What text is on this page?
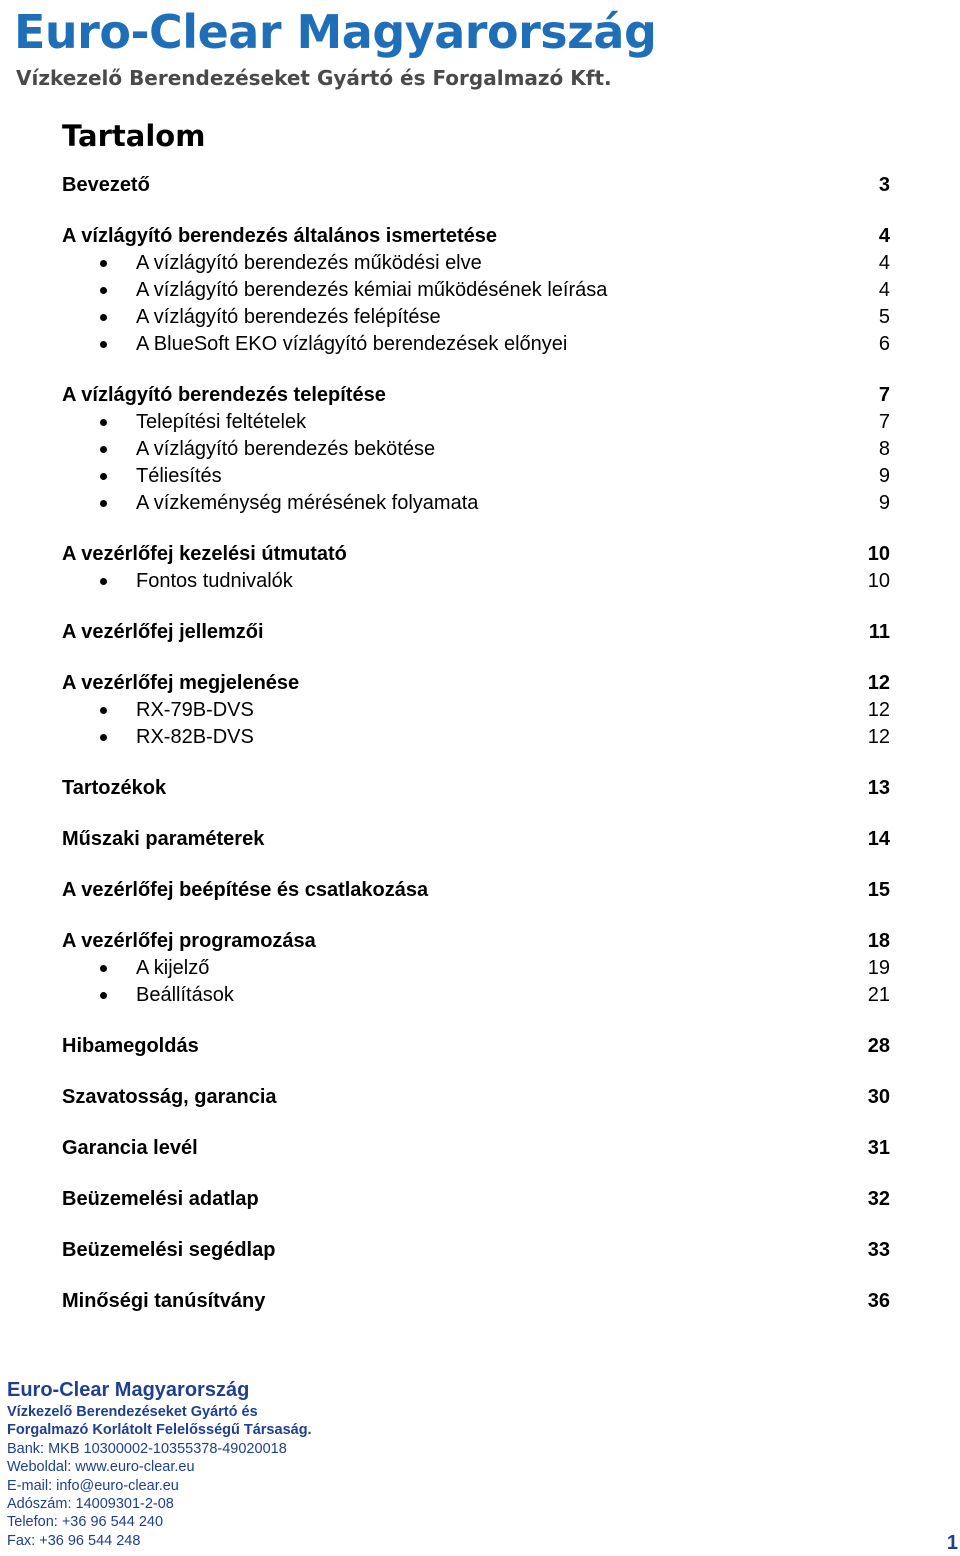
Euro-Clear Magyarország
Vízkezelő Berendezéseket Gyártó és Forgalmazó Kft.
Tartalom
Bevezető	3
A vízlágyító berendezés általános ismertetése	4
A vízlágyító berendezés működési elve	4
A vízlágyító berendezés kémiai működésének leírása	4
A vízlágyító berendezés felépítése	5
A BlueSoft EKO vízlágyító berendezések előnyei	6
A vízlágyító berendezés telepítése	7
Telepítési feltételek	7
A vízlágyító berendezés bekötése	8
Téliesítés	9
A vízkeménység mérésének folyamata	9
A vezérlőfej kezelési útmutató	10
Fontos tudnivalók	10
A vezérlőfej jellemzői	11
A vezérlőfej megjelenése	12
RX-79B-DVS	12
RX-82B-DVS	12
Tartozékok	13
Műszaki paraméterek	14
A vezérlőfej beépítése és csatlakozása	15
A vezérlőfej programozása	18
A kijelző	19
Beállítások	21
Hibamegoldás	28
Szavatosság, garancia	30
Garancia levél	31
Beüzemelési adatlap	32
Beüzemelési segédlap	33
Minőségi tanúsítvány	36
Euro-Clear Magyarország
Vízkezelő Berendezéseket Gyártó és
Forgalmazó Korlátolt Felelősségű Társaság.
Bank: MKB 10300002-10355378-49020018
Weboldal: www.euro-clear.eu
E-mail: info@euro-clear.eu
Adószám: 14009301-2-08
Telefon: +36 96 544 240
Fax: +36 96 544 248	1
